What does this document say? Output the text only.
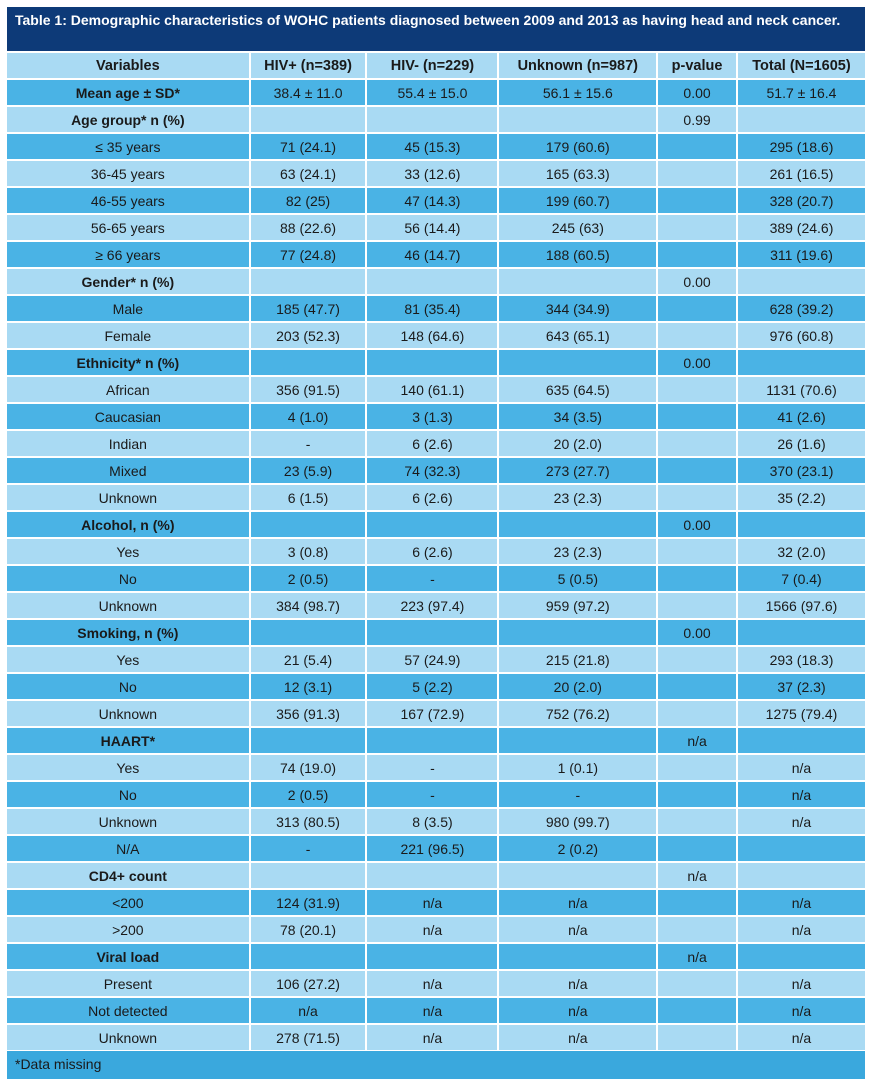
Table 1: Demographic characteristics of WOHC patients diagnosed between 2009 and 2013 as having head and neck cancer.
Variables	HIV+ (n=389)	HIV- (n=229)	Unknown (n=987)	p-value	Total (N=1605)
Mean age ± SD*	38.4 ± 11.0	55.4 ± 15.0	56.1 ± 15.6	0.00	51.7 ± 16.4
Age group* n (%)				0.99	
≤ 35 years	71 (24.1)	45 (15.3)	179 (60.6)		295 (18.6)
36-45 years	63 (24.1)	33 (12.6)	165 (63.3)		261 (16.5)
46-55 years	82 (25)	47 (14.3)	199 (60.7)		328 (20.7)
56-65 years	88 (22.6)	56 (14.4)	245 (63)		389 (24.6)
≥ 66 years	77 (24.8)	46 (14.7)	188 (60.5)		311 (19.6)
Gender* n (%)				0.00	
Male	185 (47.7)	81 (35.4)	344 (34.9)		628 (39.2)
Female	203 (52.3)	148 (64.6)	643 (65.1)		976 (60.8)
Ethnicity* n (%)				0.00	
African	356 (91.5)	140 (61.1)	635 (64.5)		1131 (70.6)
Caucasian	4 (1.0)	3 (1.3)	34 (3.5)		41 (2.6)
Indian	-	6 (2.6)	20 (2.0)		26 (1.6)
Mixed	23 (5.9)	74 (32.3)	273 (27.7)		370 (23.1)
Unknown	6 (1.5)	6 (2.6)	23 (2.3)		35 (2.2)
Alcohol, n (%)				0.00	
Yes	3 (0.8)	6 (2.6)	23 (2.3)		32 (2.0)
No	2 (0.5)	-	5 (0.5)		7 (0.4)
Unknown	384 (98.7)	223 (97.4)	959 (97.2)		1566 (97.6)
Smoking, n (%)				0.00	
Yes	21 (5.4)	57 (24.9)	215 (21.8)		293 (18.3)
No	12 (3.1)	5 (2.2)	20 (2.0)		37 (2.3)
Unknown	356 (91.3)	167 (72.9)	752 (76.2)		1275 (79.4)
HAART*				n/a	
Yes	74 (19.0)	-	1 (0.1)		n/a
No	2 (0.5)	-	-		n/a
Unknown	313 (80.5)	8 (3.5)	980 (99.7)		n/a
N/A	-	221 (96.5)	2 (0.2)		
CD4+ count				n/a	
<200	124 (31.9)	n/a	n/a		n/a
>200	78 (20.1)	n/a	n/a		n/a
Viral load				n/a	
Present	106 (27.2)	n/a	n/a		n/a
Not detected	n/a	n/a	n/a		n/a
Unknown	278 (71.5)	n/a	n/a		n/a
*Data missing
